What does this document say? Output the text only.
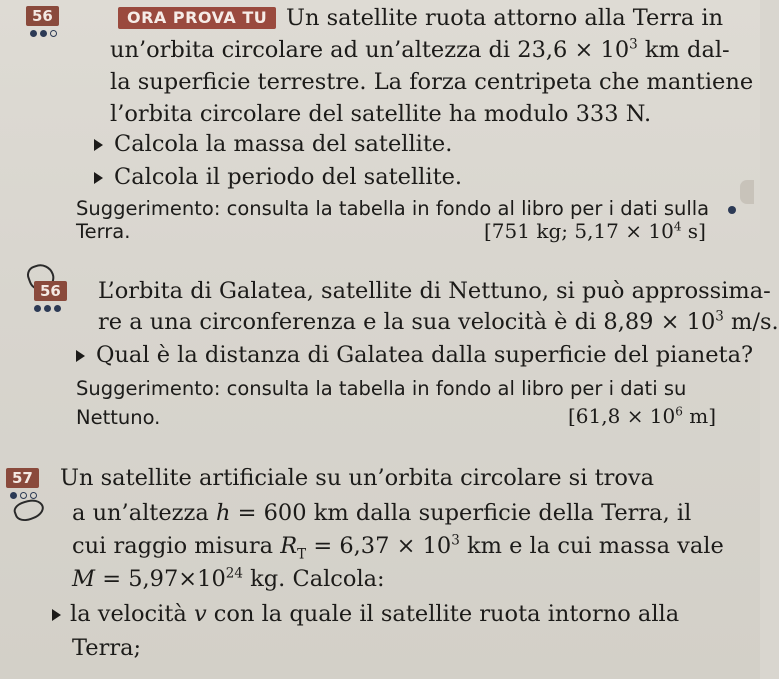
56	ORA PROVA TU Un satellite ruota attorno alla Terra in
un’orbita circolare ad un’altezza di $23,6 \times 10^3$ km dal-
la superficie terrestre. La forza centripeta che mantiene
l’orbita circolare del satellite ha modulo 333 N.
Calcola la massa del satellite.
Calcola il periodo del satellite.
Suggerimento: consulta la tabella in fondo al libro per i dati sulla
Terra.	[751 kg; $5,17 \times 10^4$ s]
56 L’orbita di Galatea, satellite di Nettuno, si può approssima-
re a una circonferenza e la sua velocità è di $8,89 \times 10^3$ m/s.
Qual è la distanza di Galatea dalla superficie del pianeta?
Suggerimento: consulta la tabella in fondo al libro per i dati su
Nettuno.	[$61,8 \times 10^6$ m]
57 Un satellite artificiale su un’orbita circolare si trova
a un’altezza h = 600 km dalla superficie della Terra, il
cui raggio misura $R_T = 6,37 \times 10^3$ km e la cui massa vale
$M = 5,97\times 10^{24}$ kg. Calcola:
la velocità v con la quale il satellite ruota intorno alla
Terra;
